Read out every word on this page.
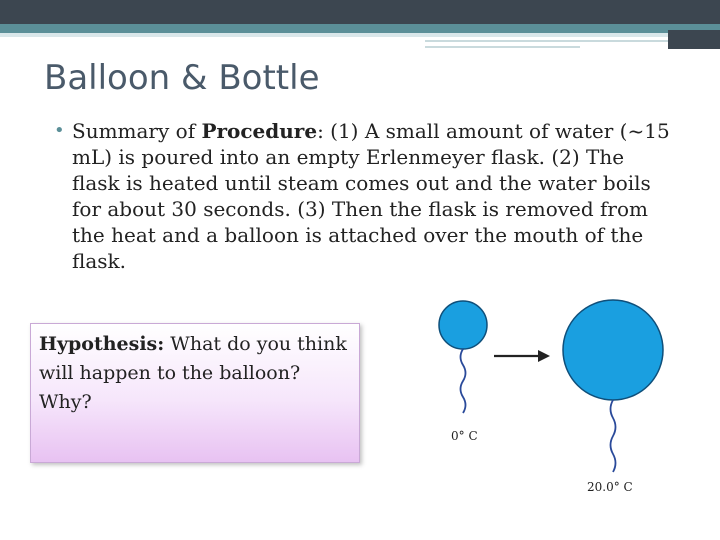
Balloon & Bottle
• Summary of Procedure: (1) A small amount of water (~15 mL) is poured into an empty Erlenmeyer flask. (2) The flask is heated until steam comes out and the water boils for about 30 seconds. (3) Then the flask is removed from the heat and a balloon is attached over the mouth of the flask.
Hypothesis: What do you think will happen to the balloon? Why?
0° C
20.0° C
